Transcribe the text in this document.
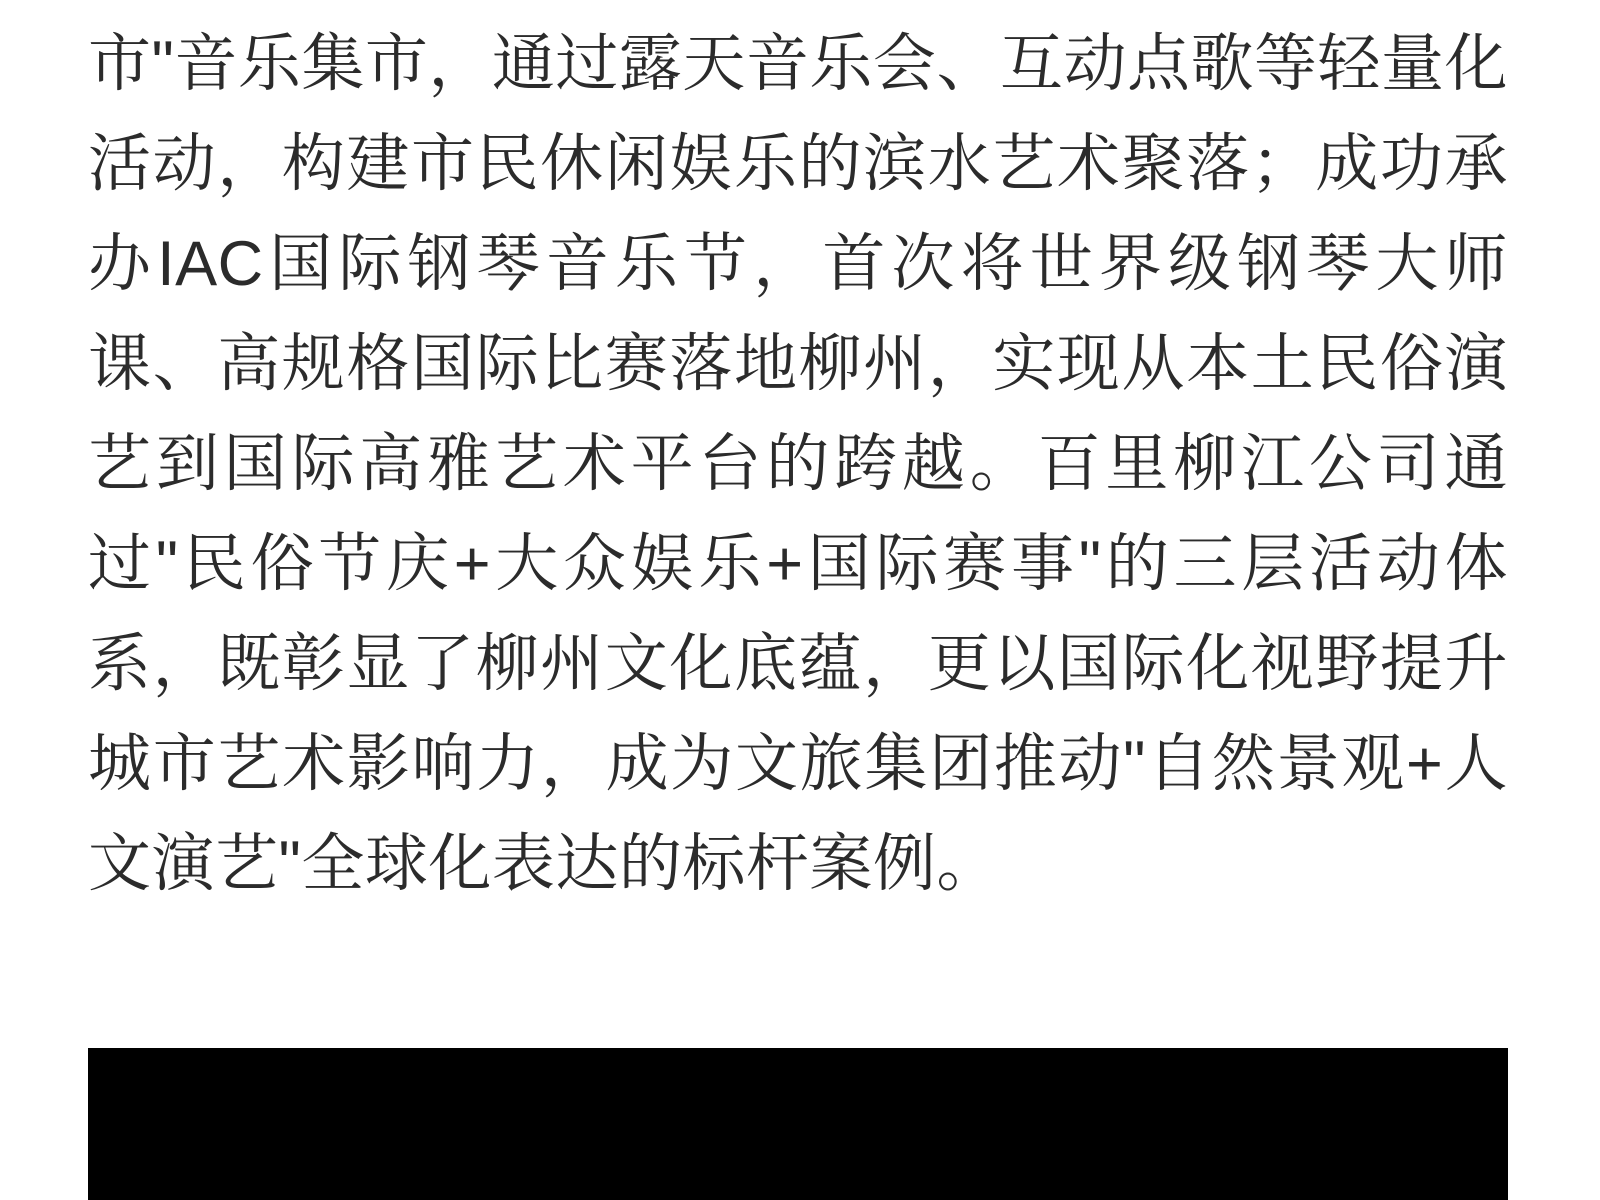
市"音乐集市，通过露天音乐会、互动点歌等轻量化活动，构建市民休闲娱乐的滨水艺术聚落；成功承办IAC国际钢琴音乐节，首次将世界级钢琴大师课、高规格国际比赛落地柳州，实现从本土民俗演艺到国际高雅艺术平台的跨越。百里柳江公司通过"民俗节庆+大众娱乐+国际赛事"的三层活动体系，既彰显了柳州文化底蕴，更以国际化视野提升城市艺术影响力，成为文旅集团推动"自然景观+人文演艺"全球化表达的标杆案例。
